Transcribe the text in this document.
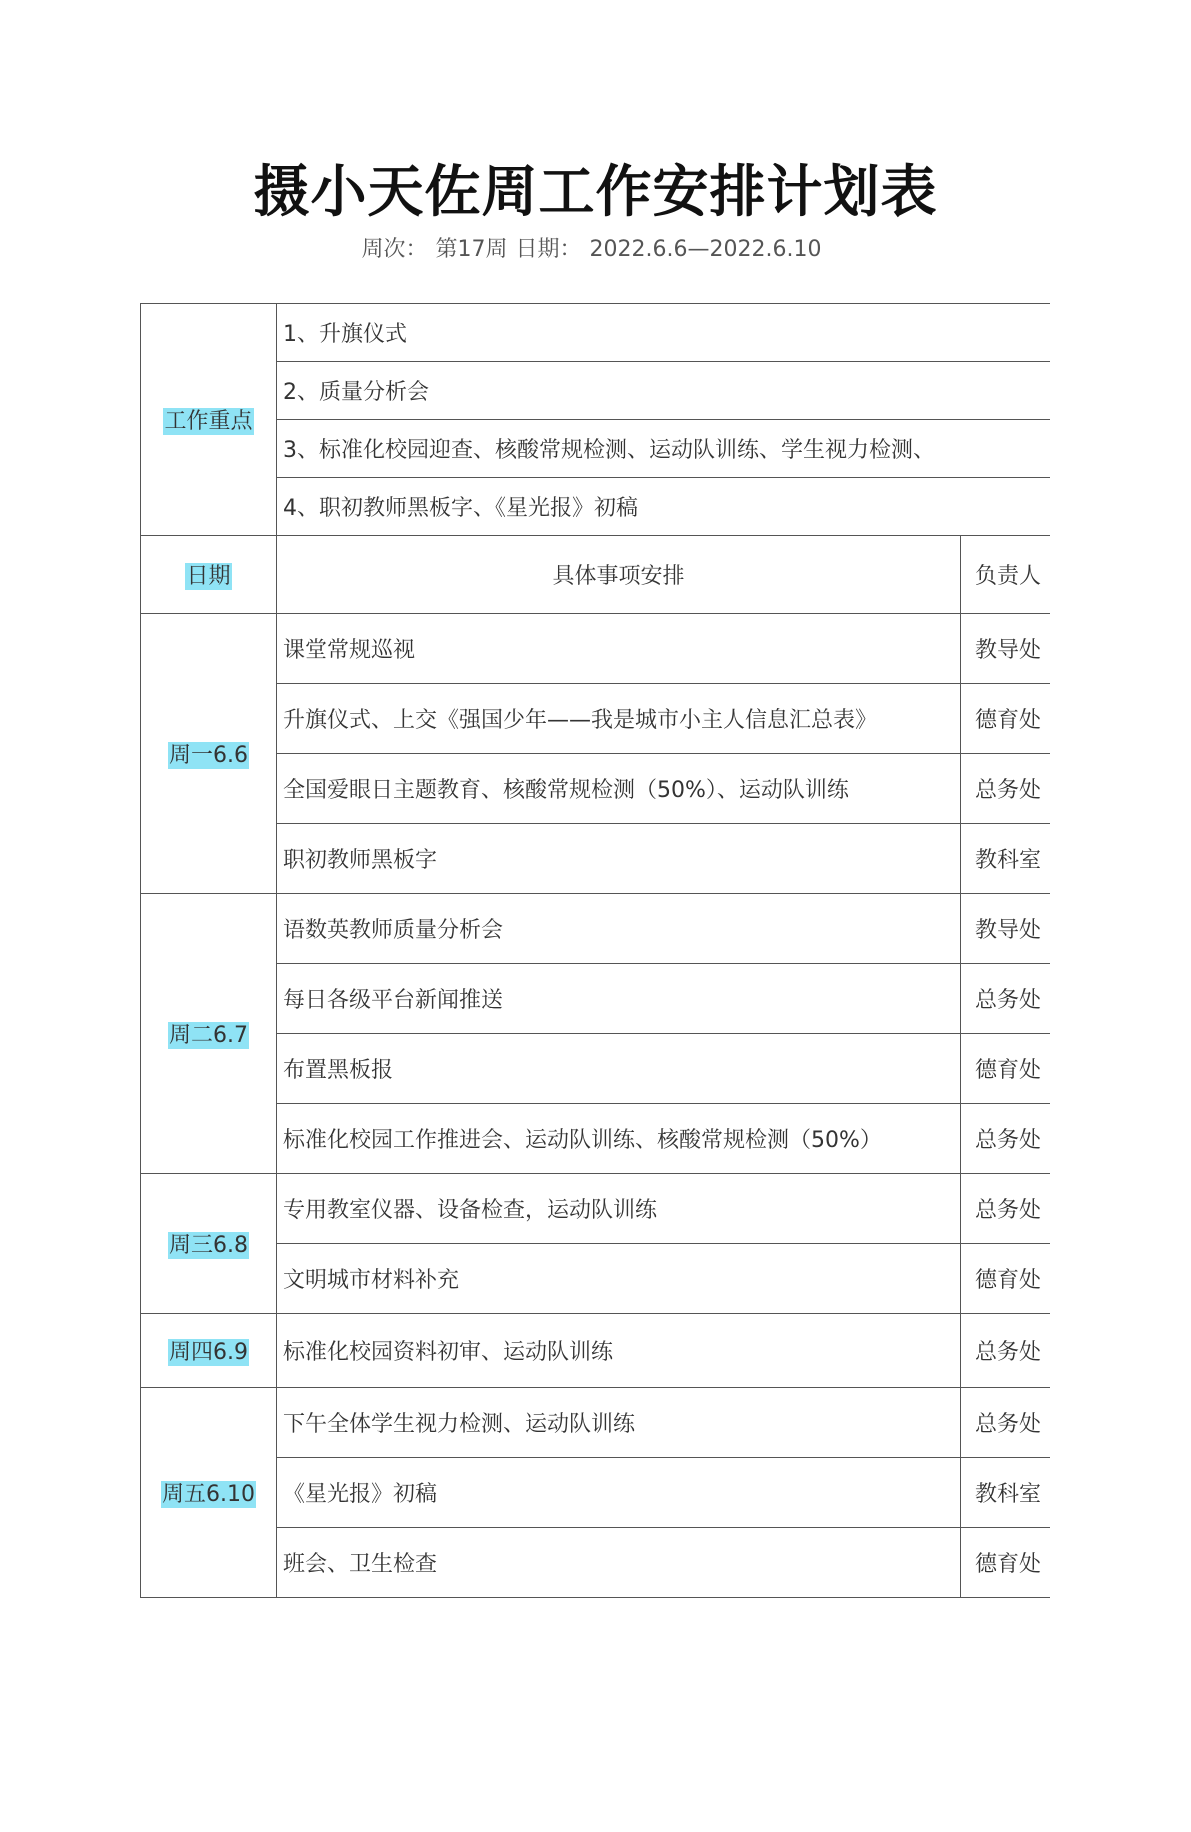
摄小天佐周工作安排计划表
周次： 第17周 日期： 2022.6.6—2022.6.10
工作重点	1、升旗仪式	
	2、质量分析会	
	3、标准化校园迎查、核酸常规检测、运动队训练、学生视力检测、	
	4、职初教师黑板字、《星光报》初稿	
日期	具体事项安排	负责人
周一6.6	课堂常规巡视	教导处
	升旗仪式、上交《强国少年——我是城市小主人信息汇总表》	德育处
	全国爱眼日主题教育、核酸常规检测（50%）、运动队训练	总务处
	职初教师黑板字	教科室
周二6.7	语数英教师质量分析会	教导处
	每日各级平台新闻推送	总务处
	布置黑板报	德育处
	标准化校园工作推进会、运动队训练、核酸常规检测（50%）	总务处
周三6.8	专用教室仪器、设备检查，运动队训练	总务处
	文明城市材料补充	德育处
周四6.9	标准化校园资料初审、运动队训练	总务处
周五6.10	下午全体学生视力检测、运动队训练	总务处
	《星光报》初稿	教科室
	班会、卫生检查	德育处
